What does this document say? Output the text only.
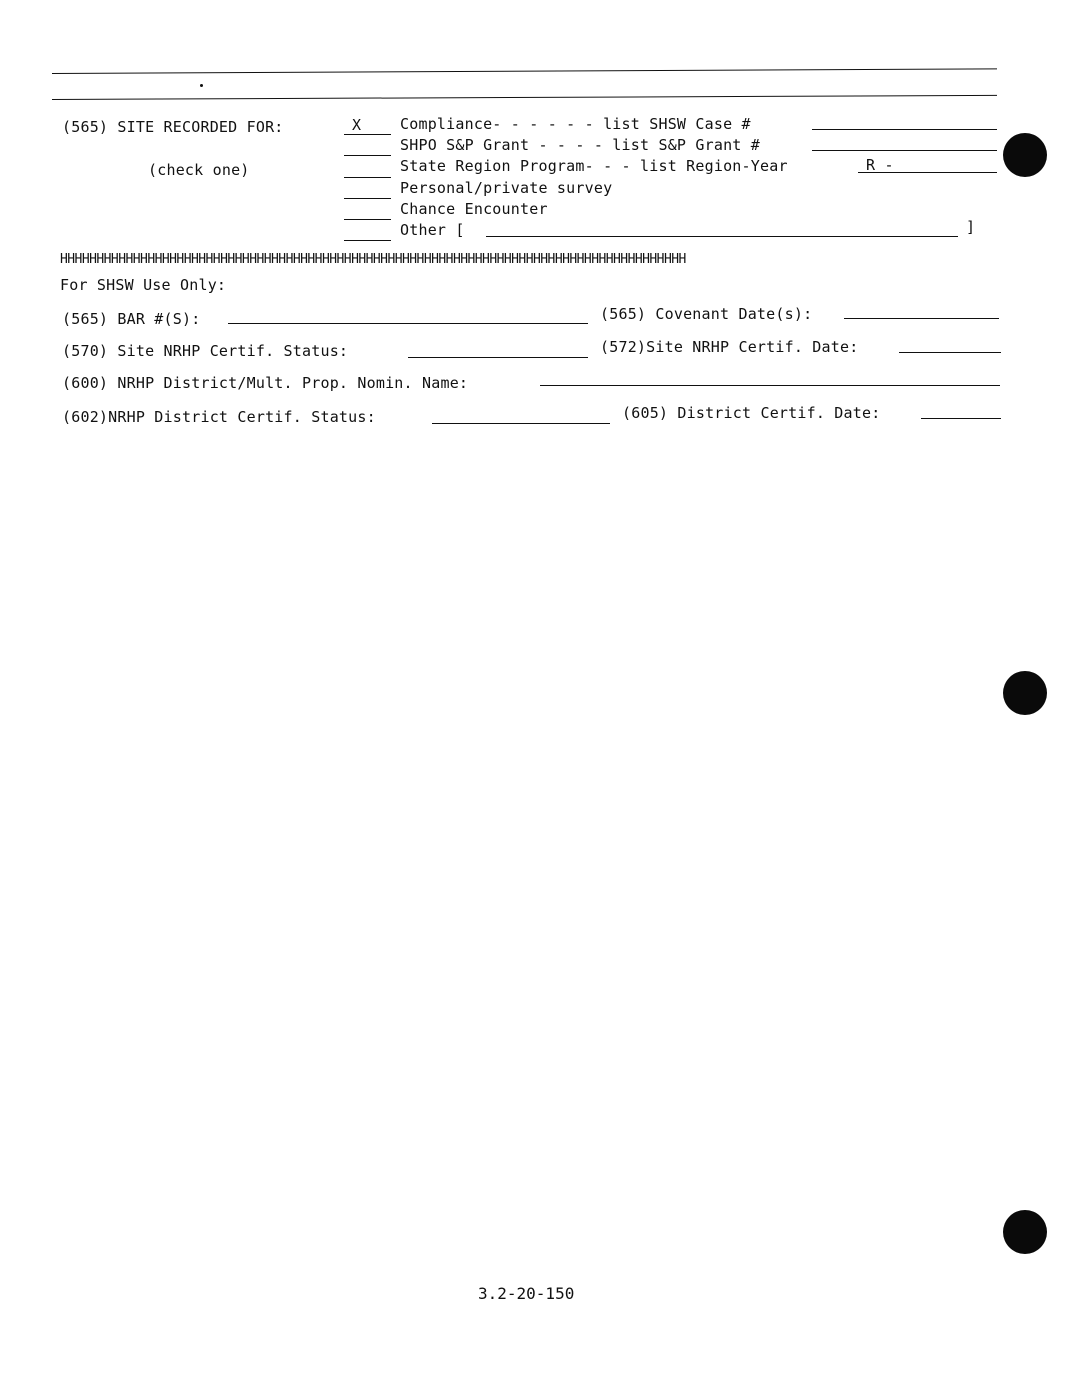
(565) SITE RECORDED FOR:
(check one)
X	Compliance- - - - - - list SHSW Case #
SHPO S&P Grant - - - - list S&P Grant #
State Region Program- - - list Region-Year	R -
Personal/private survey
Chance Encounter
Other [	]
HHHHHHHHHHHHHHHHHHHHHHHHHHHHHHHHHHHHHHHHHHHHHHHHHHHHHHHHHHHHHHHHHHHHHHHHHHHHHHHHHHHHHH
For SHSW Use Only:
(565) BAR #(S):	(565) Covenant Date(s):
(570) Site NRHP Certif. Status:	(572)Site NRHP Certif. Date:
(600) NRHP District/Mult. Prop. Nomin. Name:
(602)NRHP District Certif. Status:	(605) District Certif. Date:
3.2-20-150
